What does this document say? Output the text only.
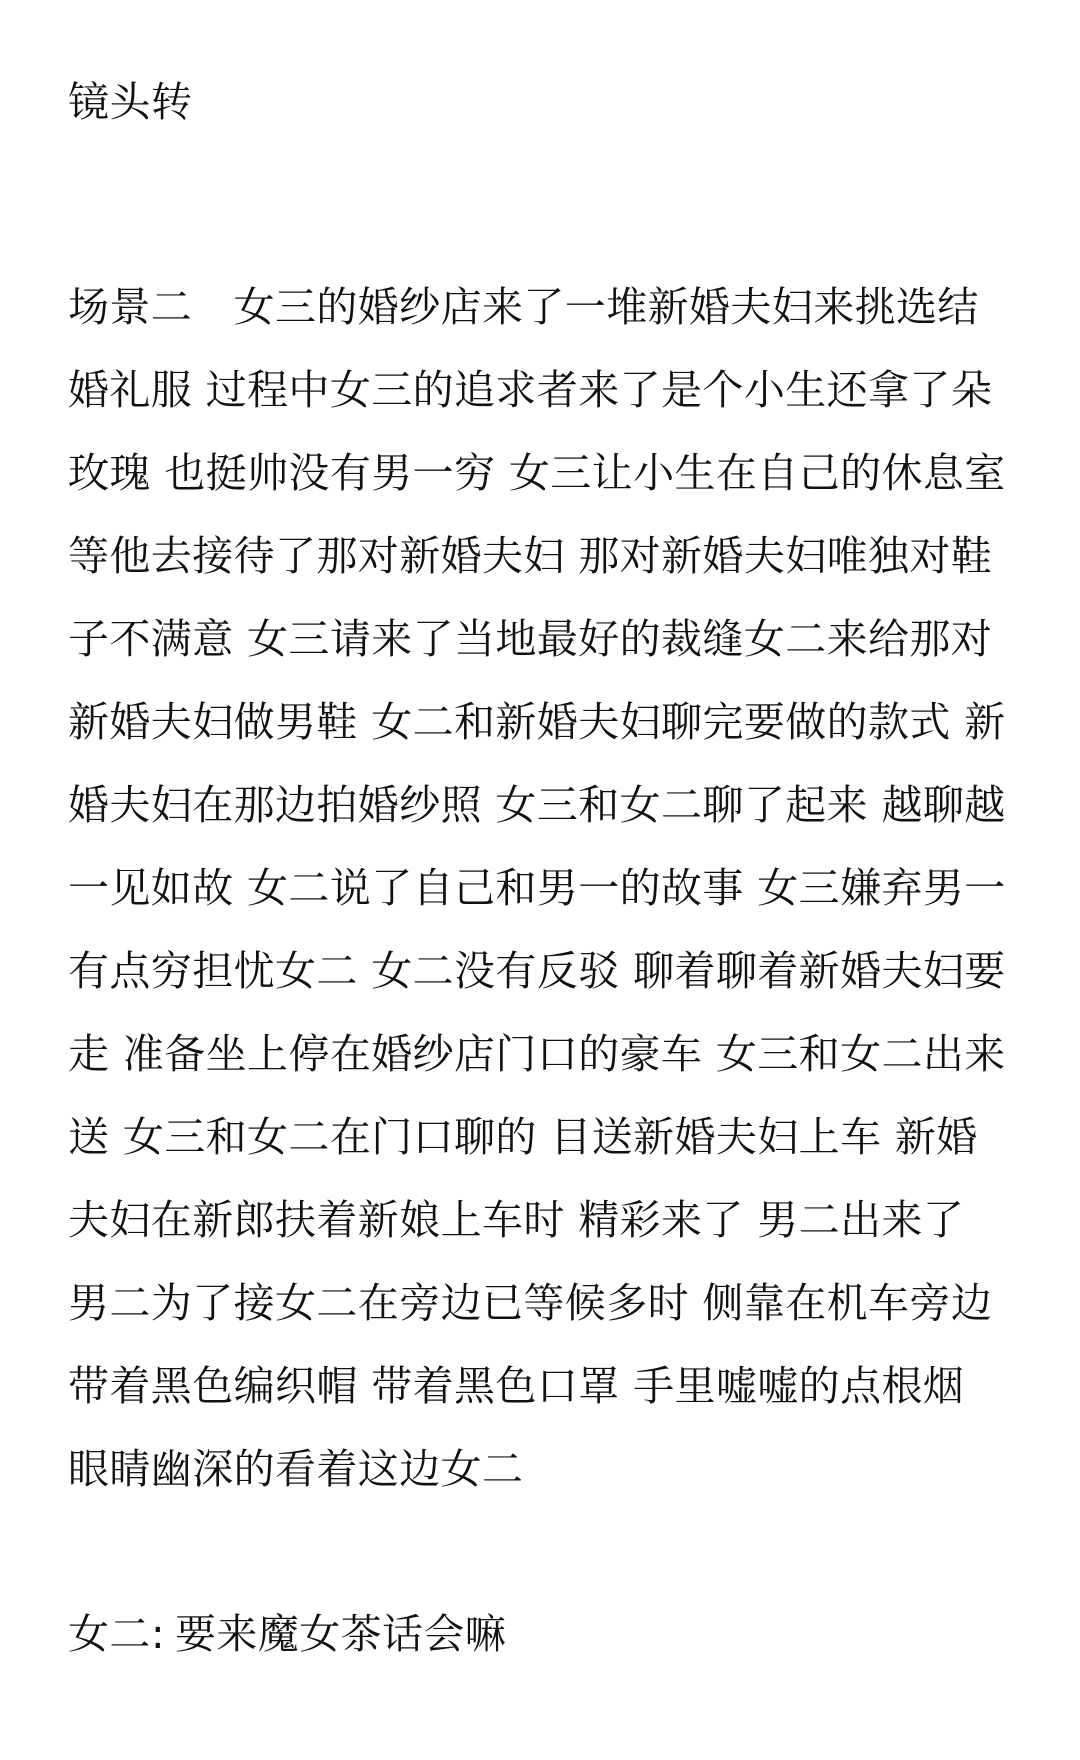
镜头转

场景二　女三的婚纱店来了一堆新婚夫妇来挑选结婚礼服 过程中女三的追求者来了是个小生还拿了朵玫瑰 也挺帅没有男一穷 女三让小生在自己的休息室等他去接待了那对新婚夫妇 那对新婚夫妇唯独对鞋子不满意 女三请来了当地最好的裁缝女二来给那对新婚夫妇做男鞋 女二和新婚夫妇聊完要做的款式 新婚夫妇在那边拍婚纱照 女三和女二聊了起来 越聊越一见如故 女二说了自己和男一的故事 女三嫌弃男一有点穷担忧女二 女二没有反驳 聊着聊着新婚夫妇要走 准备坐上停在婚纱店门口的豪车 女三和女二出来送 女三和女二在门口聊的 目送新婚夫妇上车 新婚夫妇在新郎扶着新娘上车时 精彩来了 男二出来了 男二为了接女二在旁边已等候多时 侧靠在机车旁边带着黑色编织帽 带着黑色口罩 手里嘘嘘的点根烟 眼睛幽深的看着这边女二

女二 : 要来魔女茶话会嘛
